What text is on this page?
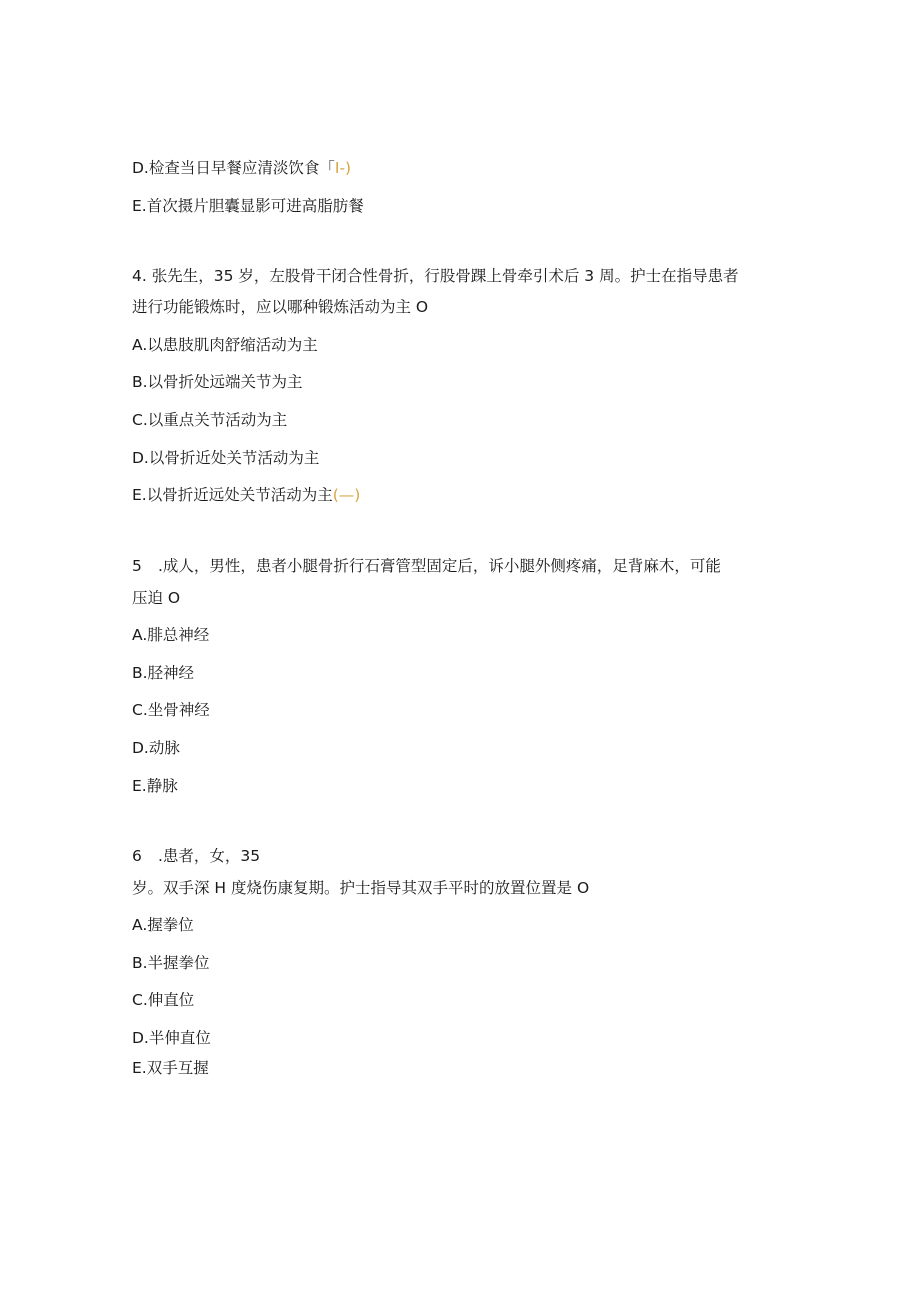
D.检查当日早餐应清淡饮食「I-)
E.首次摄片胆囊显影可进高脂肪餐
4. 张先生，35 岁，左股骨干闭合性骨折，行股骨踝上骨牵引术后 3 周。护士在指导患者
进行功能锻炼时，应以哪种锻炼活动为主 O
A.以患肢肌肉舒缩活动为主
B.以骨折处远端关节为主
C.以重点关节活动为主
D.以骨折近处关节活动为主
E.以骨折近远处关节活动为主(—)
5 .成人，男性，患者小腿骨折行石膏管型固定后，诉小腿外侧疼痛，足背麻木，可能
压迫 O
A.腓总神经
B.胫神经
C.坐骨神经
D.动脉
E.静脉
6 .患者，女，35
岁。双手深 H 度烧伤康复期。护士指导其双手平时的放置位置是 O
A.握拳位
B.半握拳位
C.伸直位
D.半伸直位
E.双手互握
